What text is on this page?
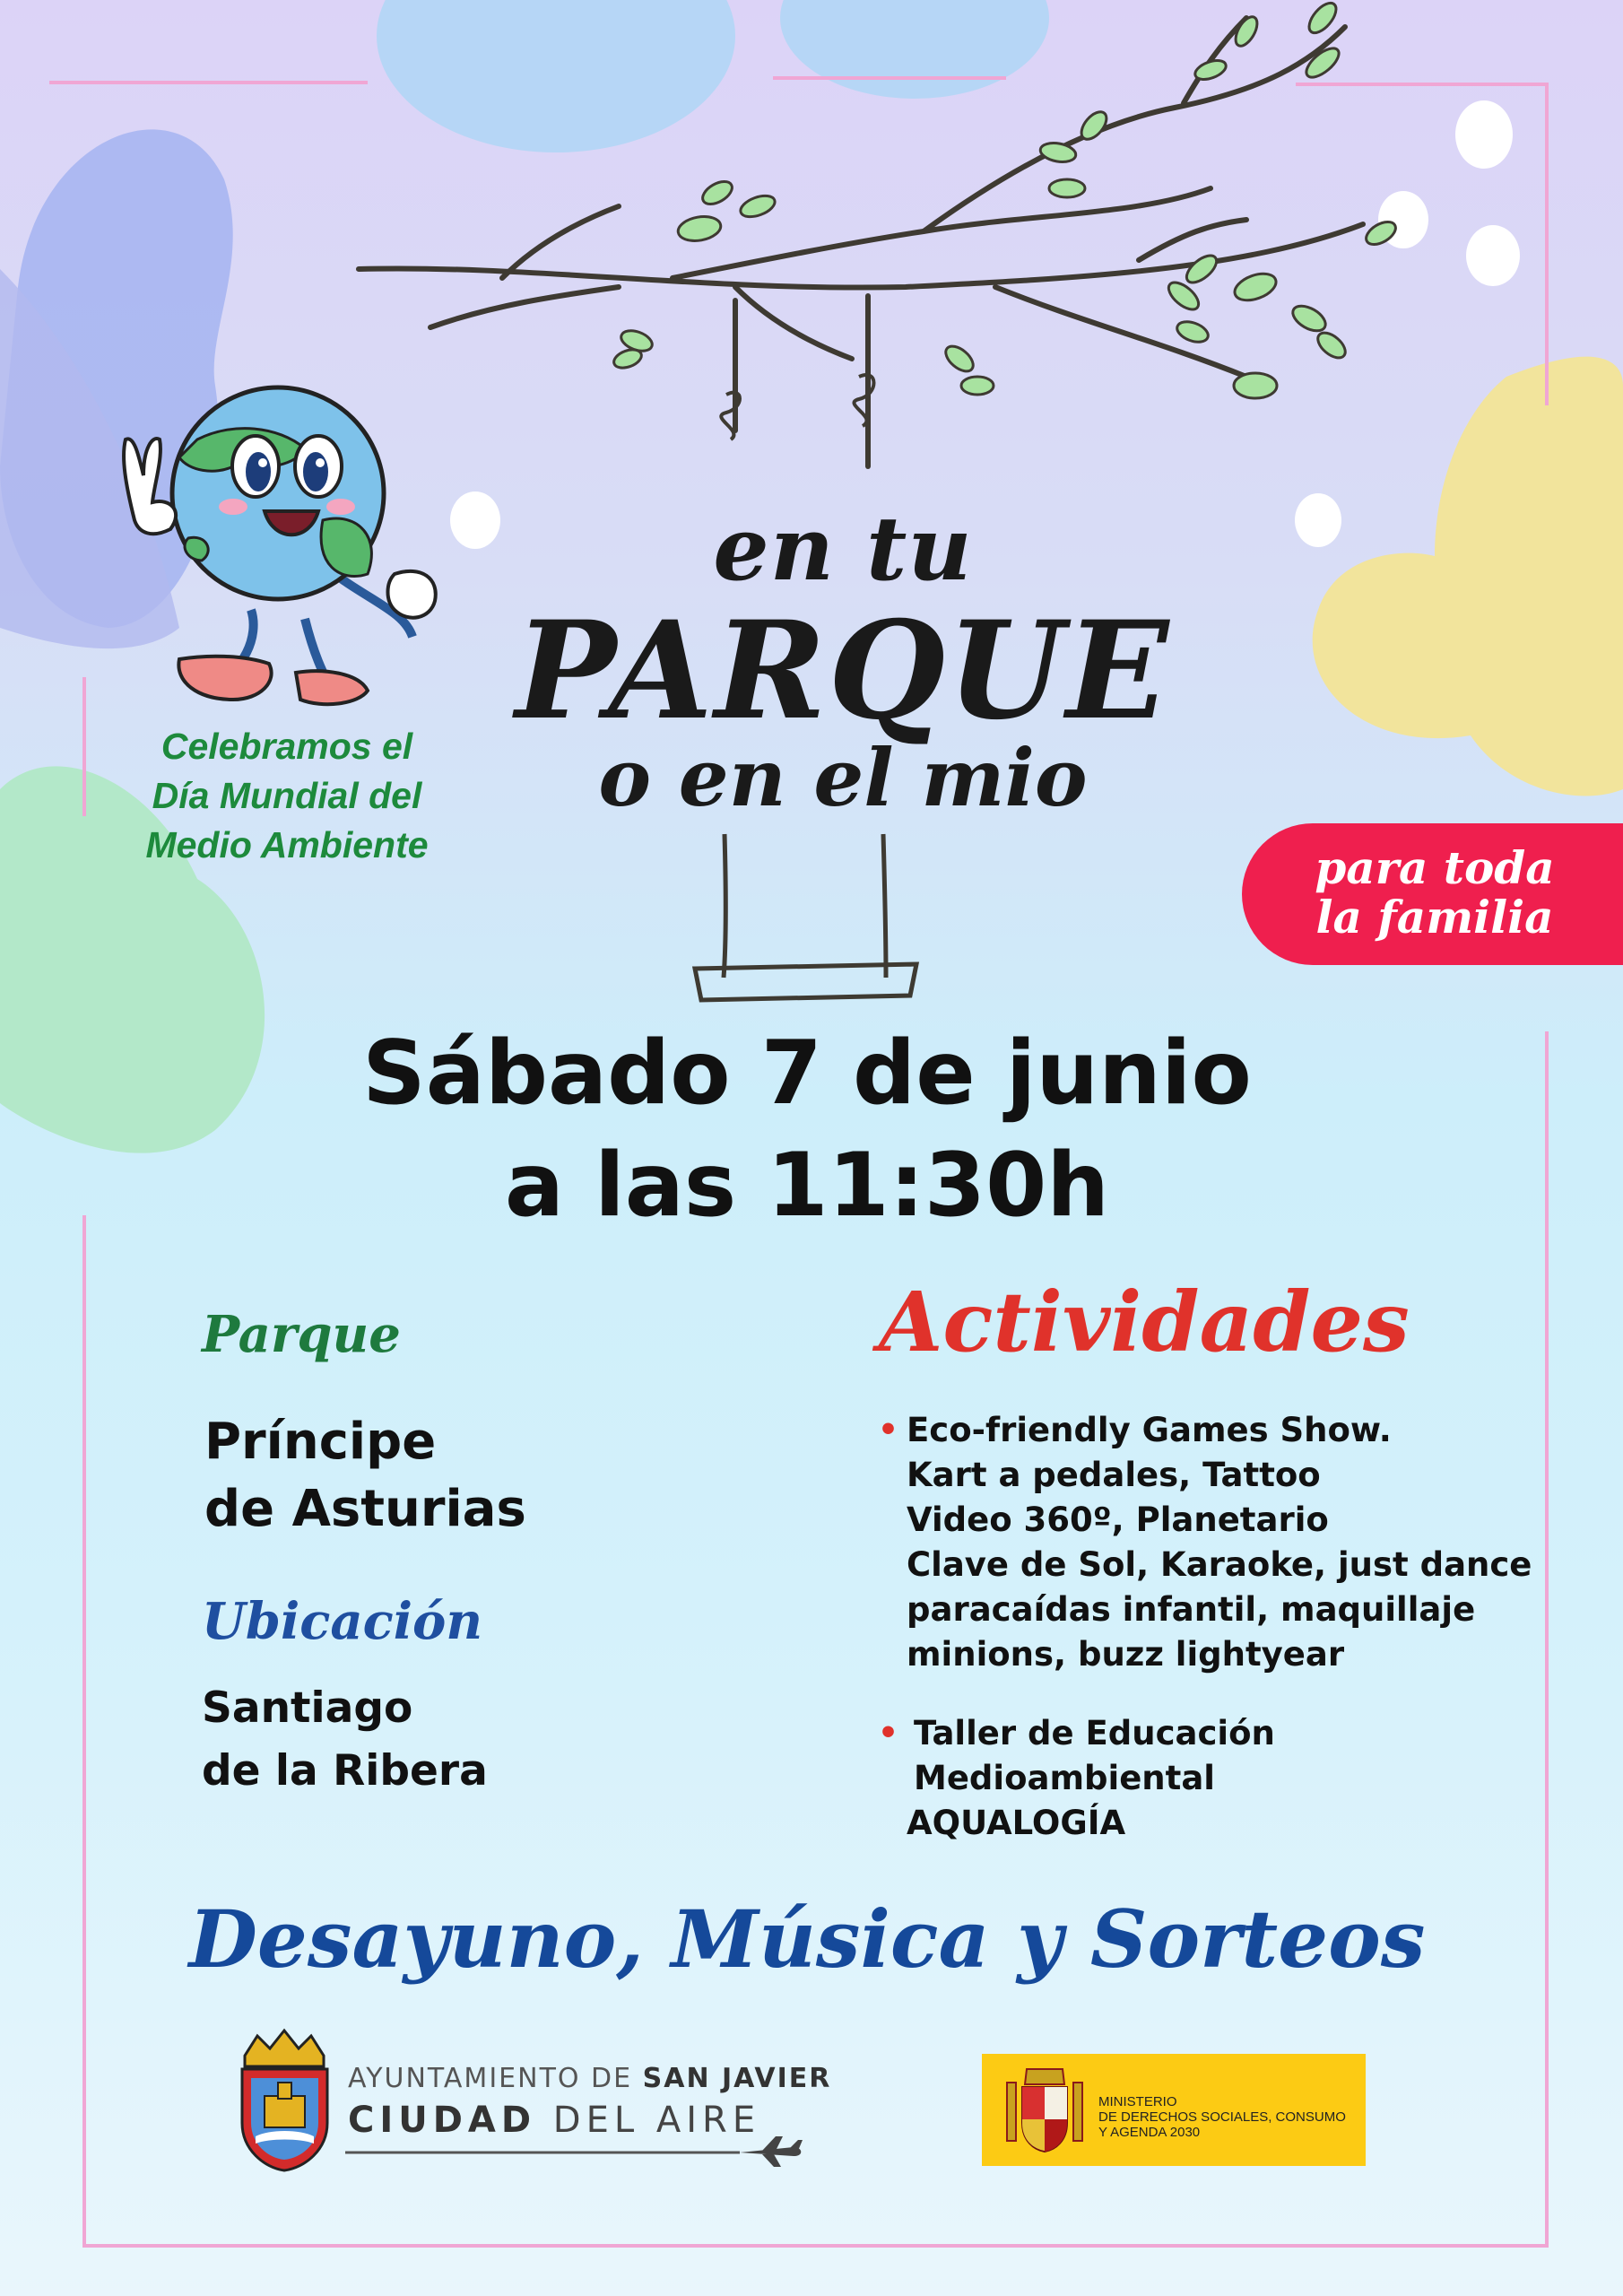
Celebramos el
Día Mundial del
Medio Ambiente
en tu
PARQUE
o en el mio
para toda
la familia
Sábado 7 de junio
a las 11:30h
Parque
Príncipe
de Asturias
Ubicación
Santiago
de la Ribera
Actividades
• Eco-friendly Games Show.
Kart a pedales, Tattoo
Video 360º, Planetario
Clave de Sol, Karaoke, just dance
paracaídas infantil, maquillaje
minions, buzz lightyear
• Taller de Educación
Medioambiental
AQUALOGÍA
Desayuno, Música y Sorteos
AYUNTAMIENTO DE SAN JAVIER
CIUDAD DEL AIRE	MINISTERIO
DE DERECHOS SOCIALES, CONSUMO
Y AGENDA 2030
